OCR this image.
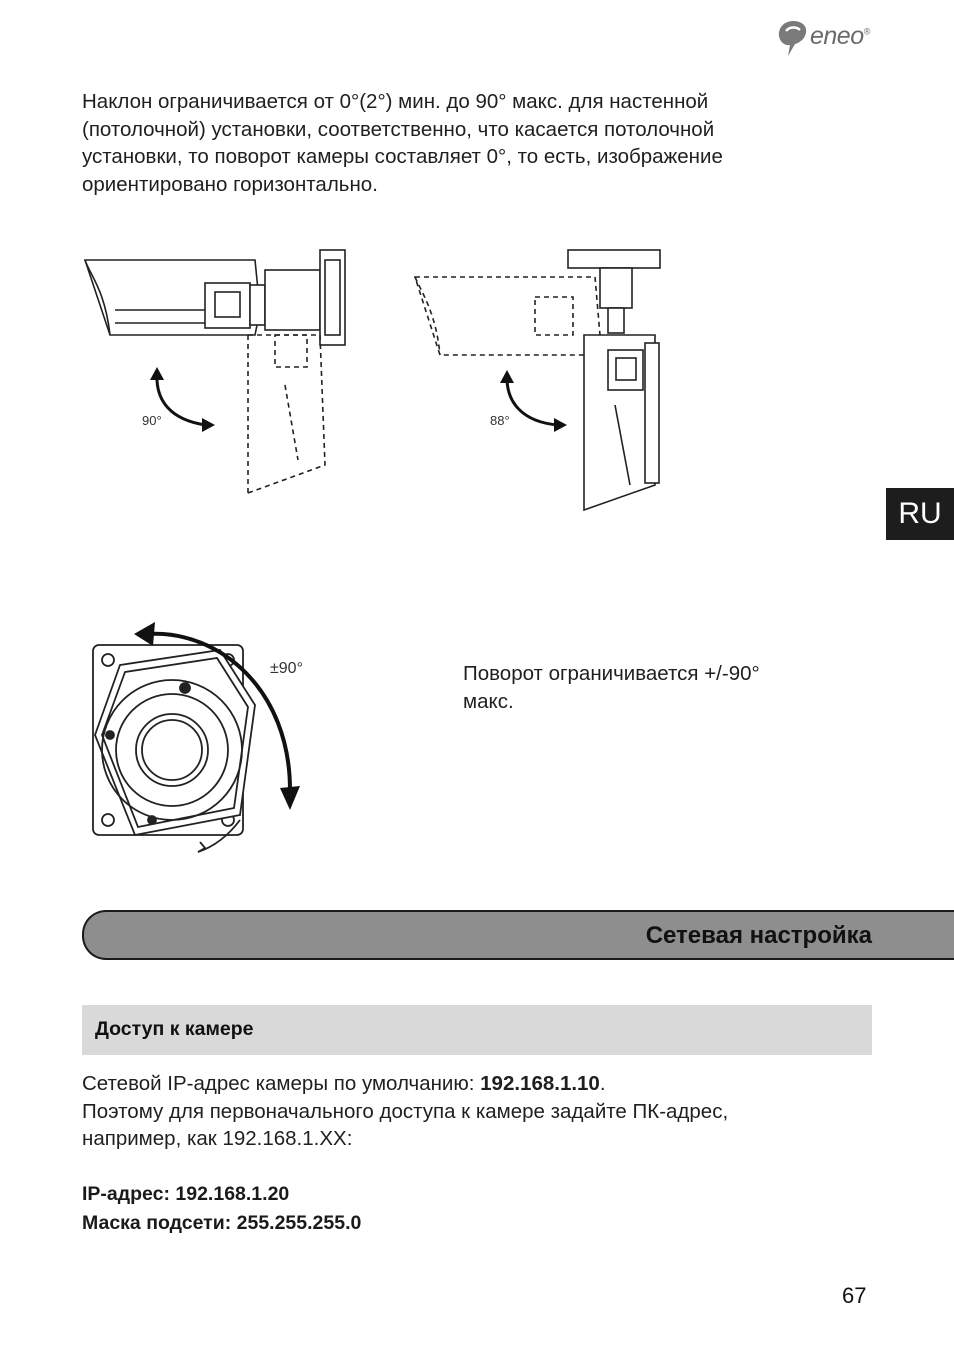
eneo®
Наклон ограничивается от 0°(2°) мин. до 90° макс. для настенной
(потолочной) установки, соответственно, что касается потолочной
установки, то поворот камеры составляет 0°, то есть, изображение
ориентировано горизонтально.
90°	88°
RU
±90°	Поворот ограничивается +/-90°
макс.
Сетевая настройка
Доступ к камере
Сетевой IP-адрес камеры по умолчанию: 192.168.1.10.
Поэтому для первоначального доступа к камере задайте ПК-адрес,
например, как 192.168.1.XX:
IP-адрес: 192.168.1.20
Маска подсети: 255.255.255.0
67
